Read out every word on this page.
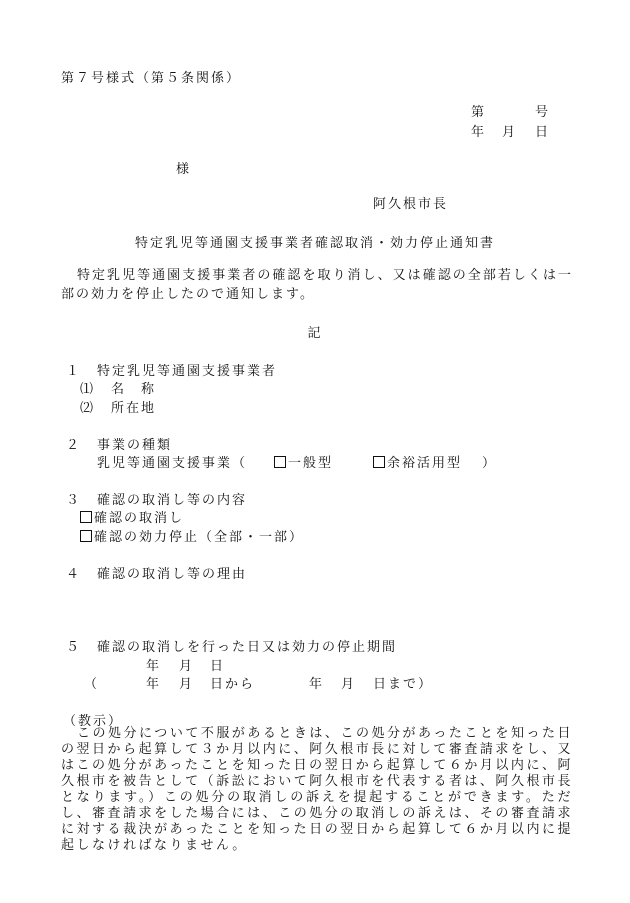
第７号様式（第５条関係）
第	号
年 月 日
様
阿久根市長
特定乳児等通園支援事業者確認取消・効力停止通知書
特定乳児等通園支援事業者の確認を取り消し、又は確認の全部若しくは一部の効力を停止したので通知します。
記
１ 特定乳児等通園支援事業者
⑴ 名　称
⑵ 所在地
２ 事業の種類
乳児等通園支援事業（	一般型	余裕活用型 ）
３ 確認の取消し等の内容
確認の取消し
確認の効力停止（全部・一部）
４ 確認の取消し等の理由
５ 確認の取消しを行った日又は効力の停止期間
年 月 日
（	年 月 日から	年 月 日まで）
（教示）
この処分について不服があるときは、この処分があったことを知った日の翌日から起算して３か月以内に、阿久根市長に対して審査請求をし、又はこの処分があったことを知った日の翌日から起算して６か月以内に、阿久根市を被告として（訴訟において阿久根市を代表する者は、阿久根市長となります。）この処分の取消しの訴えを提起することができます。ただし、審査請求をした場合には、この処分の取消しの訴えは、その審査請求に対する裁決があったことを知った日の翌日から起算して６か月以内に提起しなければなりません。
